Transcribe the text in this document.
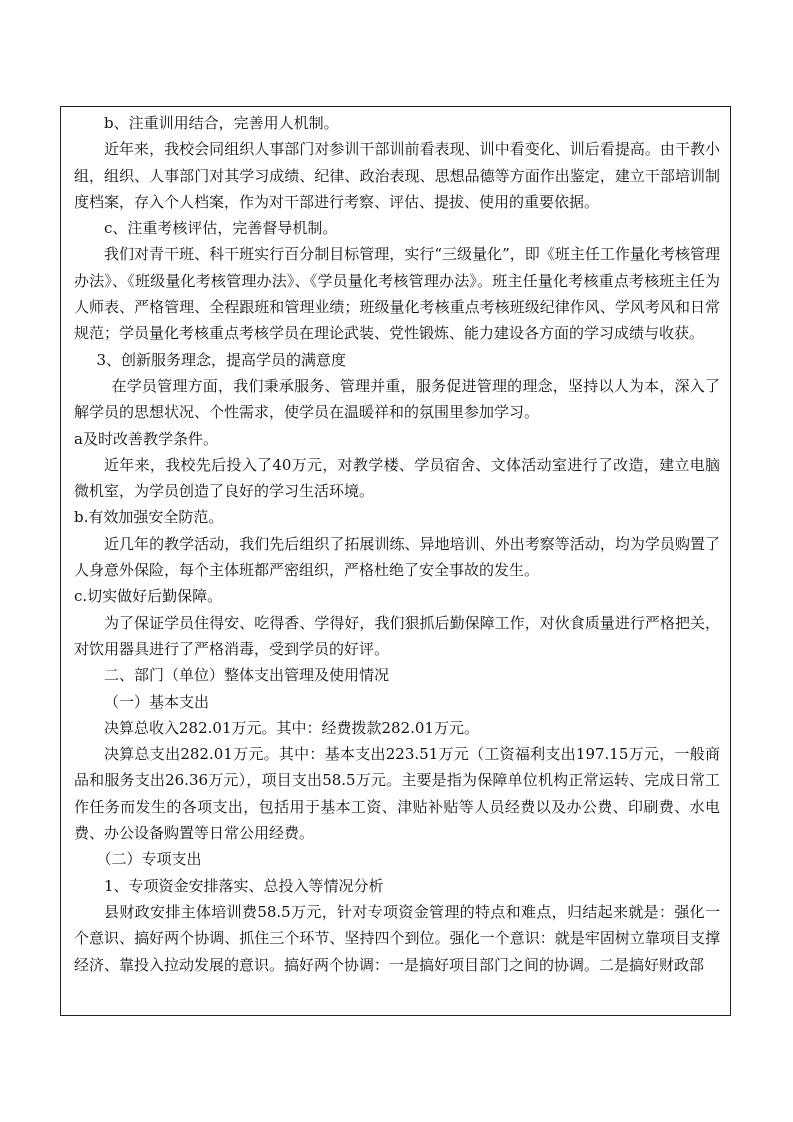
b、注重训用结合，完善用人机制。

近年来，我校会同组织人事部门对参训干部训前看表现、训中看变化、训后看提高。由干教小组，组织、人事部门对其学习成绩、纪律、政治表现、思想品德等方面作出鉴定，建立干部培训制度档案，存入个人档案，作为对干部进行考察、评估、提拔、使用的重要依据。

c、注重考核评估，完善督导机制。

我们对青干班、科干班实行百分制目标管理，实行“三级量化”，即《班主任工作量化考核管理办法》、《班级量化考核管理办法》、《学员量化考核管理办法》。班主任量化考核重点考核班主任为人师表、严格管理、全程跟班和管理业绩；班级量化考核重点考核班级纪律作风、学风考风和日常规范；学员量化考核重点考核学员在理论武装、党性锻炼、能力建设各方面的学习成绩与收获。

3、创新服务理念，提高学员的满意度

在学员管理方面，我们秉承服务、管理并重，服务促进管理的理念，坚持以人为本，深入了解学员的思想状况、个性需求，使学员在温暖祥和的氛围里参加学习。

a及时改善教学条件。

近年来，我校先后投入了40万元，对教学楼、学员宿舍、文体活动室进行了改造，建立电脑微机室，为学员创造了良好的学习生活环境。

b.有效加强安全防范。

近几年的教学活动，我们先后组织了拓展训练、异地培训、外出考察等活动，均为学员购置了人身意外保险，每个主体班都严密组织，严格杜绝了安全事故的发生。

c.切实做好后勤保障。

为了保证学员住得安、吃得香、学得好，我们狠抓后勤保障工作，对伙食质量进行严格把关，对饮用器具进行了严格消毒，受到学员的好评。

二、部门（单位）整体支出管理及使用情况

（一）基本支出

决算总收入282.01万元。其中：经费拨款282.01万元。

决算总支出282.01万元。其中：基本支出223.51万元（工资福利支出197.15万元，一般商品和服务支出26.36万元），项目支出58.5万元。主要是指为保障单位机构正常运转、完成日常工作任务而发生的各项支出，包括用于基本工资、津贴补贴等人员经费以及办公费、印刷费、水电费、办公设备购置等日常公用经费。

（二）专项支出

1、专项资金安排落实、总投入等情况分析

县财政安排主体培训费58.5万元，针对专项资金管理的特点和难点，归结起来就是：强化一个意识、搞好两个协调、抓住三个环节、坚持四个到位。强化一个意识：就是牢固树立靠项目支撑经济、靠投入拉动发展的意识。搞好两个协调：一是搞好项目部门之间的协调。二是搞好财政部
